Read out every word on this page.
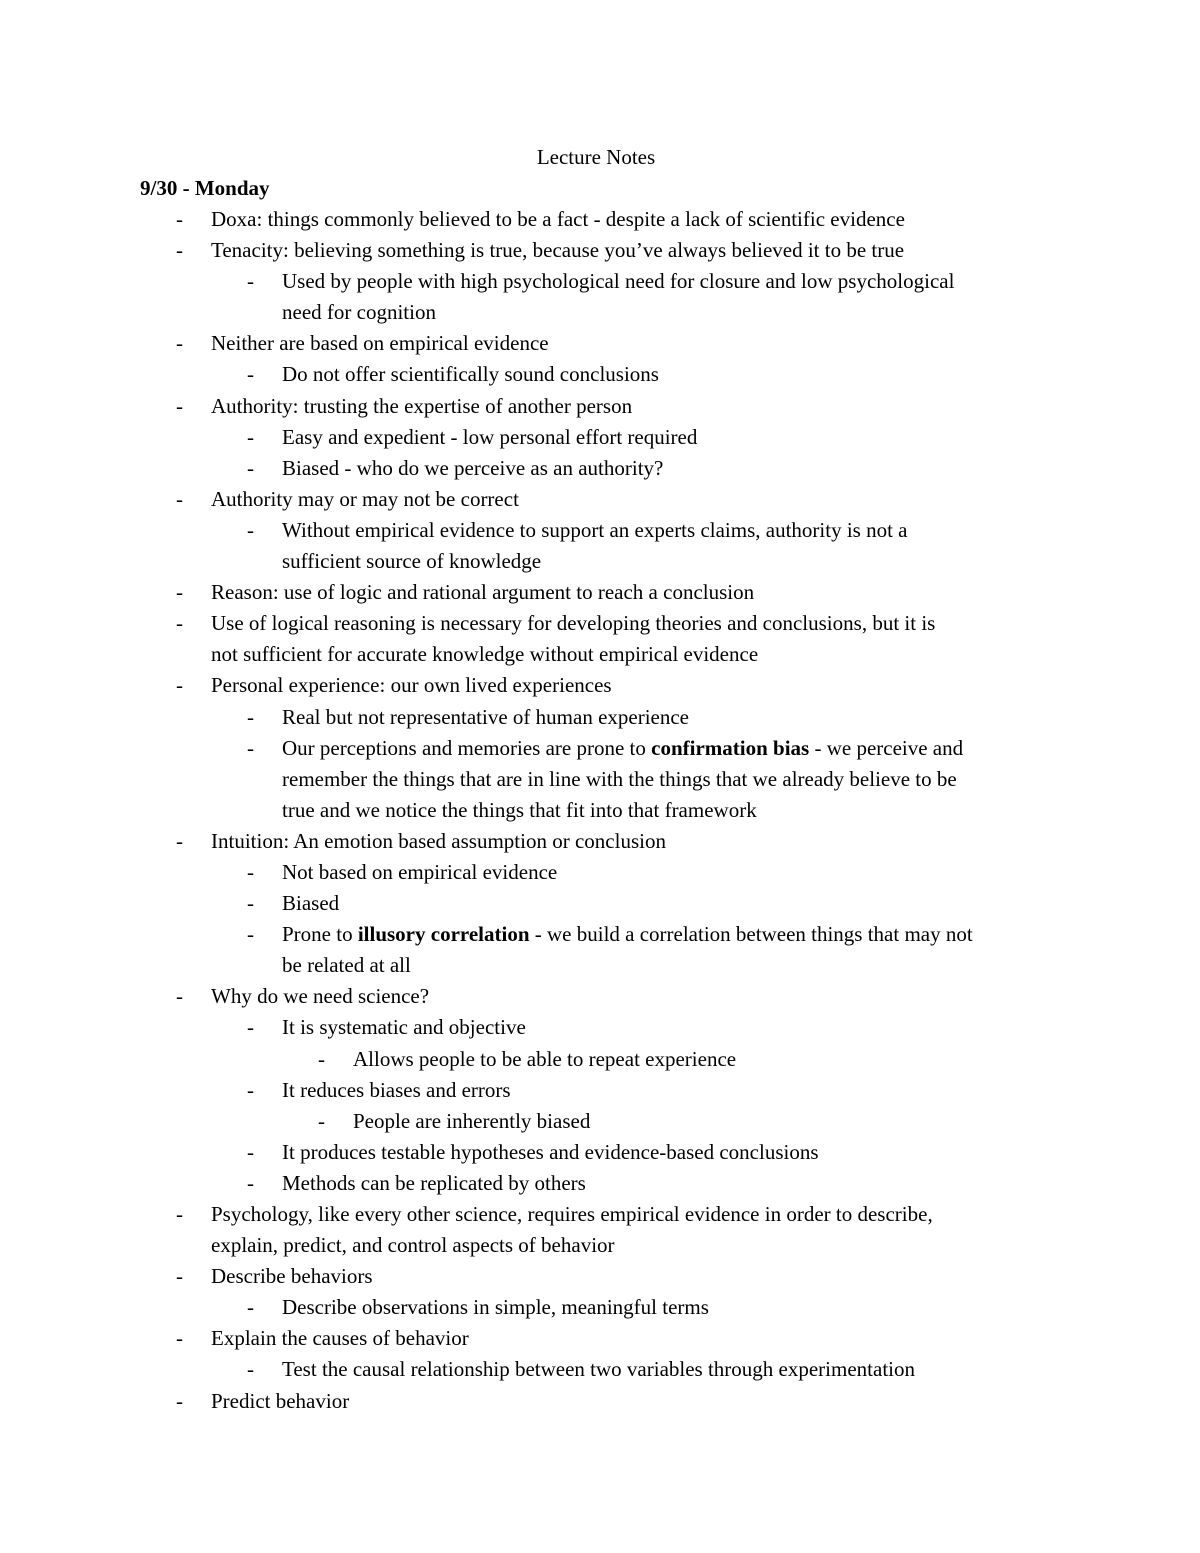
Lecture Notes
9/30 - Monday
- Doxa: things commonly believed to be a fact - despite a lack of scientific evidence
- Tenacity: believing something is true, because you’ve always believed it to be true
- Used by people with high psychological need for closure and low psychological
need for cognition
- Neither are based on empirical evidence
- Do not offer scientifically sound conclusions
- Authority: trusting the expertise of another person
- Easy and expedient - low personal effort required
- Biased - who do we perceive as an authority?
- Authority may or may not be correct
- Without empirical evidence to support an experts claims, authority is not a
sufficient source of knowledge
- Reason: use of logic and rational argument to reach a conclusion
- Use of logical reasoning is necessary for developing theories and conclusions, but it is
not sufficient for accurate knowledge without empirical evidence
- Personal experience: our own lived experiences
- Real but not representative of human experience
- Our perceptions and memories are prone to confirmation bias - we perceive and
remember the things that are in line with the things that we already believe to be
true and we notice the things that fit into that framework
- Intuition: An emotion based assumption or conclusion
- Not based on empirical evidence
- Biased
- Prone to illusory correlation - we build a correlation between things that may not
be related at all
- Why do we need science?
- It is systematic and objective
- Allows people to be able to repeat experience
- It reduces biases and errors
- People are inherently biased
- It produces testable hypotheses and evidence-based conclusions
- Methods can be replicated by others
- Psychology, like every other science, requires empirical evidence in order to describe,
explain, predict, and control aspects of behavior
- Describe behaviors
- Describe observations in simple, meaningful terms
- Explain the causes of behavior
- Test the causal relationship between two variables through experimentation
- Predict behavior
